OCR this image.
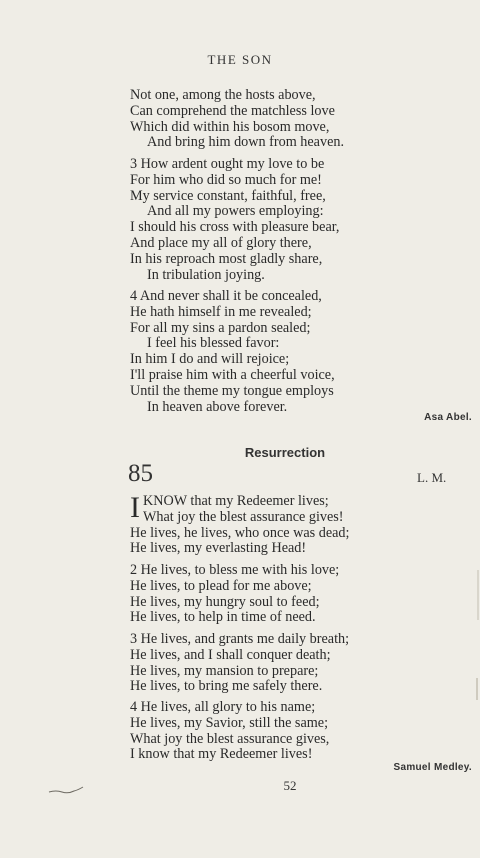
THE SON
Not one, among the hosts above,
Can comprehend the matchless love
Which did within his bosom move,
And bring him down from heaven.
3 How ardent ought my love to be
For him who did so much for me!
My service constant, faithful, free,
And all my powers employing:
I should his cross with pleasure bear,
And place my all of glory there,
In his reproach most gladly share,
In tribulation joying.
4 And never shall it be concealed,
He hath himself in me revealed;
For all my sins a pardon sealed;
I feel his blessed favor:
In him I do and will rejoice;
I'll praise him with a cheerful voice,
Until the theme my tongue employs
In heaven above forever.
Asa Abel.
Resurrection
85	L. M.
I KNOW that my Redeemer lives;
What joy the blest assurance gives!
He lives, he lives, who once was dead;
He lives, my everlasting Head!
2 He lives, to bless me with his love;
He lives, to plead for me above;
He lives, my hungry soul to feed;
He lives, to help in time of need.
3 He lives, and grants me daily breath;
He lives, and I shall conquer death;
He lives, my mansion to prepare;
He lives, to bring me safely there.
4 He lives, all glory to his name;
He lives, my Savior, still the same;
What joy the blest assurance gives,
I know that my Redeemer lives!
Samuel Medley.
52
